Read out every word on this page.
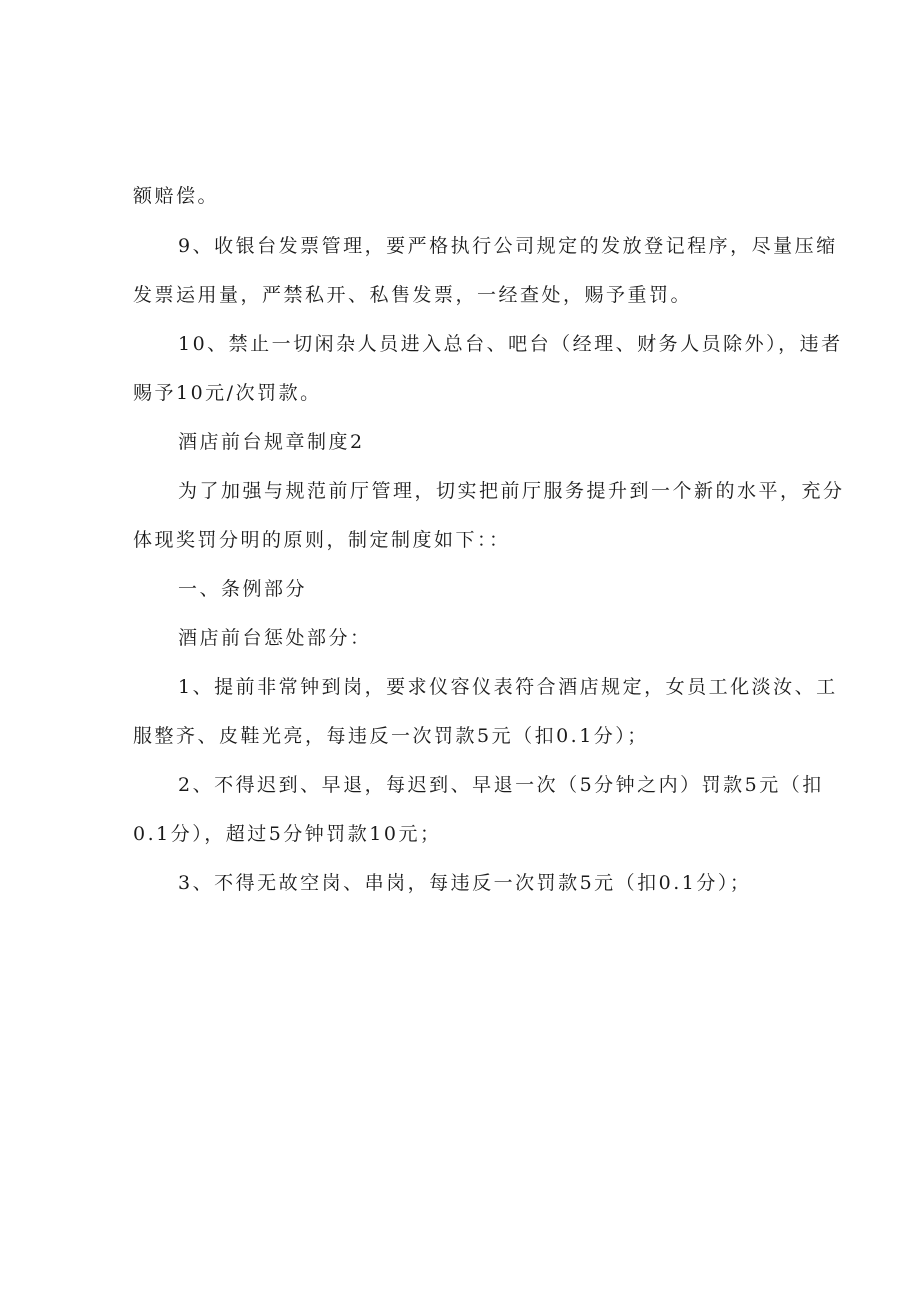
额赔偿。
9、收银台发票管理，要严格执行公司规定的发放登记程序，尽量压缩
发票运用量，严禁私开、私售发票，一经查处，赐予重罚。
10、禁止一切闲杂人员进入总台、吧台（经理、财务人员除外），违者
赐予10元/次罚款。
酒店前台规章制度2
为了加强与规范前厅管理，切实把前厅服务提升到一个新的水平，充分
体现奖罚分明的原则，制定制度如下：：
一、条例部分
酒店前台惩处部分：
1、提前非常钟到岗，要求仪容仪表符合酒店规定，女员工化淡汝、工
服整齐、皮鞋光亮，每违反一次罚款5元（扣0.1分）；
2、不得迟到、早退，每迟到、早退一次（5分钟之内）罚款5元（扣
0.1分），超过5分钟罚款10元；
3、不得无故空岗、串岗，每违反一次罚款5元（扣0.1分）；
